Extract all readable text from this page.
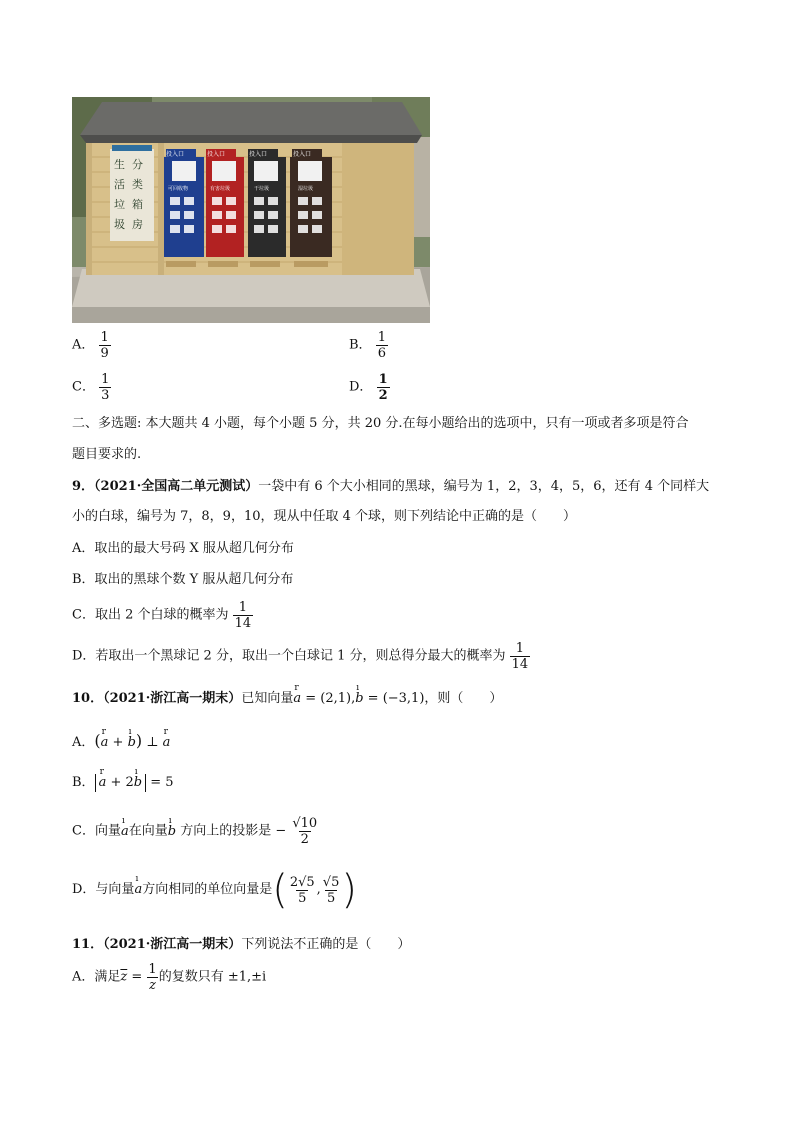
生 分
活 类
垃 箱
圾 房
投入口	投入口	投入口	投入口
可回收物	有害垃圾	干垃圾	湿垃圾
A． $\frac{1}{9}$	B． $\frac{1}{6}$
C． $\frac{1}{3}$	D． $\frac{1}{2}$
二、多选题: 本大题共 4 小题，每个小题 5 分，共 20 分.在每小题给出的选项中，只有一项或者多项是符合
题目要求的.
9．（2021·全国高二单元测试）一袋中有 6 个大小相同的黑球，编号为 1，2，3，4，5，6，还有 4 个同样大
小的白球，编号为 7，8，9，10，现从中任取 4 个球，则下列结论中正确的是（　　）
A．取出的最大号码 X 服从超几何分布
B．取出的黑球个数 Y 服从超几何分布
C．取出 2 个白球的概率为 $\frac{1}{14}$
D．若取出一个黑球记 2 分，取出一个白球记 1 分，则总得分最大的概率为 $\frac{1}{14}$
10．（2021·浙江高一期末）已知向量r a = (2,1),ı b = (−3,1)，则（　　）
A．(r a + ı b) ⊥ r a
B． r a + 2ı b = 5
C．向量ı a在向量ı b 方向上的投影是 − $\frac{√10}{2}$
D．与向量ı a方向相同的单位向量是( $\frac{2√5}{5}$ , $\frac{√5}{5}$ )
11．（2021·浙江高一期末）下列说法不正确的是（　　）
A．满足$\overline{z} = \frac{1}{z}$ 的复数只有 ±1,±i
